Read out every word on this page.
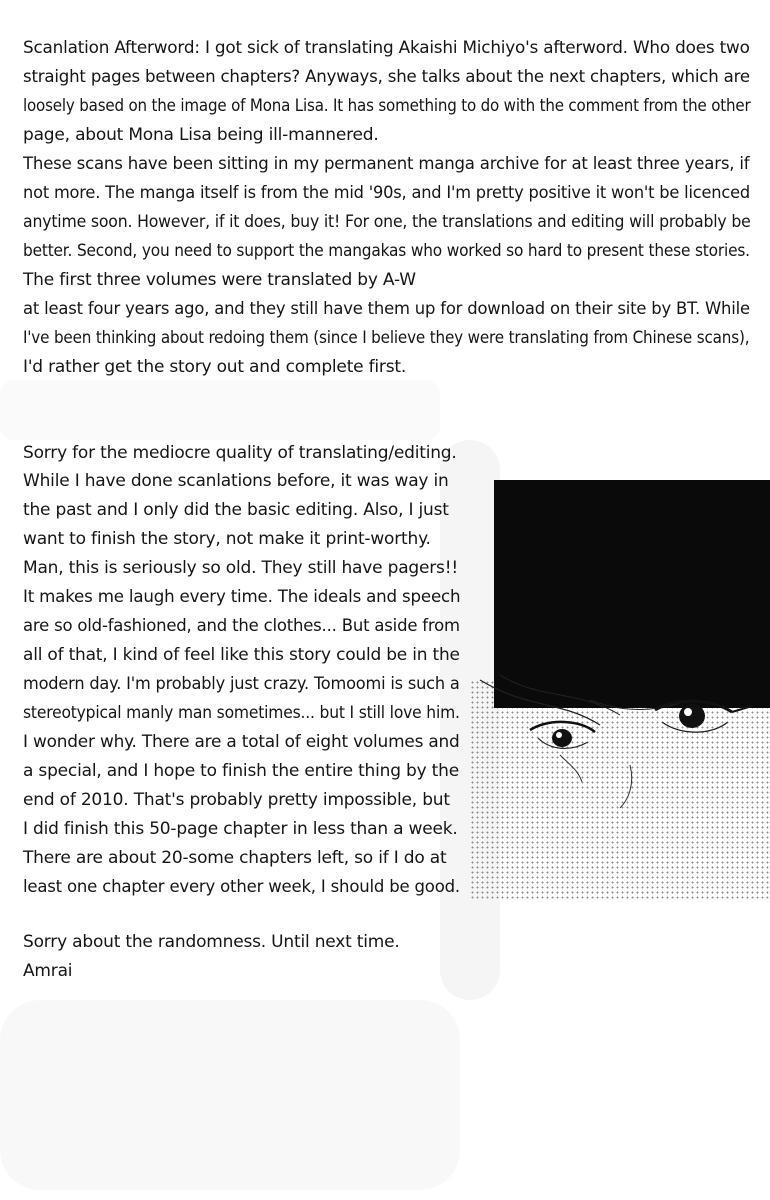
Scanlation Afterword: I got sick of translating Akaishi Michiyo's afterword. Who does two
straight pages between chapters? Anyways, she talks about the next chapters, which are
loosely based on the image of Mona Lisa. It has something to do with the comment from the other
page, about Mona Lisa being ill-mannered.
These scans have been sitting in my permanent manga archive for at least three years, if
not more. The manga itself is from the mid '90s, and I'm pretty positive it won't be licenced
anytime soon. However, if it does, buy it! For one, the translations and editing will probably be
better. Second, you need to support the mangakas who worked so hard to present these stories.
The first three volumes were translated by A-W
at least four years ago, and they still have them up for download on their site by BT. While
I've been thinking about redoing them (since I believe they were translating from Chinese scans),
I'd rather get the story out and complete first.
Sorry for the mediocre quality of translating/editing.
While I have done scanlations before, it was way in
the past and I only did the basic editing. Also, I just
want to finish the story, not make it print-worthy.
Man, this is seriously so old. They still have pagers!!
It makes me laugh every time. The ideals and speech
are so old-fashioned, and the clothes... But aside from
all of that, I kind of feel like this story could be in the
modern day. I'm probably just crazy. Tomoomi is such a
stereotypical manly man sometimes... but I still love him.
I wonder why. There are a total of eight volumes and
a special, and I hope to finish the entire thing by the
end of 2010. That's probably pretty impossible, but
I did finish this 50-page chapter in less than a week.
There are about 20-some chapters left, so if I do at
least one chapter every other week, I should be good.
Sorry about the randomness. Until next time.
Amrai
